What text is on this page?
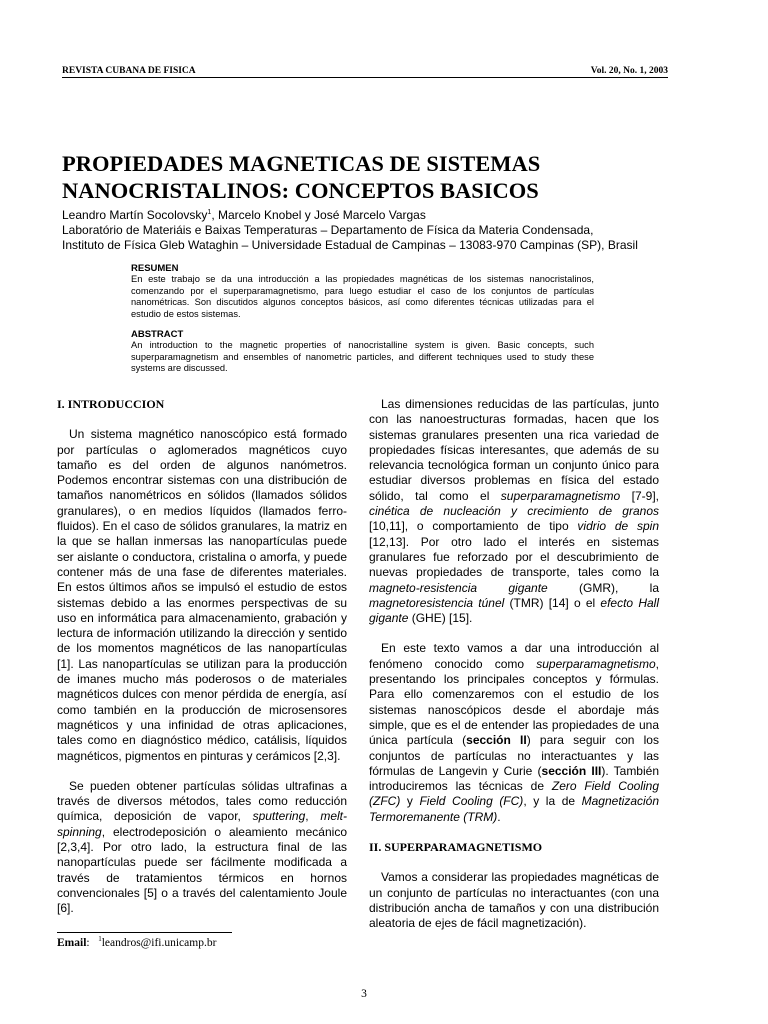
REVISTA CUBANA DE FISICA	Vol. 20, No. 1, 2003
PROPIEDADES MAGNETICAS DE SISTEMAS
NANOCRISTALINOS: CONCEPTOS BASICOS
Leandro Martín Socolovsky$^1$, Marcelo Knobel y José Marcelo Vargas
Laboratório de Materiáis e Baixas Temperaturas – Departamento de Física da Materia Condensada,
Instituto de Física Gleb Wataghin – Universidade Estadual de Campinas – 13083-970 Campinas (SP), Brasil
RESUMEN

En este trabajo se da una introducción a las propiedades magnéticas de los sistemas nanocristalinos, comenzando por el superparamagnetismo, para luego estudiar el caso de los conjuntos de partículas nanométricas. Son discutidos algunos conceptos básicos, así como diferentes técnicas utilizadas para el estudio de estos sistemas.

ABSTRACT

An introduction to the magnetic properties of nanocristalline system is given. Basic concepts, such superparamagnetism and ensembles of nanometric particles, and different techniques used to study these systems are discussed.

I. INTRODUCCION

Un sistema magnético nanoscópico está formado por partículas o aglomerados magnéticos cuyo tamaño es del orden de algunos nanómetros. Podemos encontrar sistemas con una distribución de tamaños nanométricos en sólidos (llamados sólidos granulares), o en medios líquidos (llamados ferro-fluidos). En el caso de sólidos granulares, la matriz en la que se hallan inmersas las nanopartículas puede ser aislante o conductora, cristalina o amorfa, y puede contener más de una fase de diferentes materiales. En estos últimos años se impulsó el estudio de estos sistemas debido a las enormes perspectivas de su uso en informática para almacenamiento, grabación y lectura de información utilizando la dirección y sentido de los momentos magnéticos de las nanopartículas [1]. Las nanopartículas se utilizan para la producción de imanes mucho más poderosos o de materiales magnéticos dulces con menor pérdida de energía, así como también en la producción de microsensores magnéticos y una infinidad de otras aplicaciones, tales como en diagnóstico médico, catálisis, líquidos magnéticos, pigmentos en pinturas y cerámicos [2,3].

Se pueden obtener partículas sólidas ultrafinas a través de diversos métodos, tales como reducción química, deposición de vapor, sputtering, melt-spinning, electrodeposición o aleamiento mecánico [2,3,4]. Por otro lado, la estructura final de las nanopartículas puede ser fácilmente modificada a través de tratamientos térmicos en hornos convencionales [5] o a través del calentamiento Joule [6].

Las dimensiones reducidas de las partículas, junto con las nanoestructuras formadas, hacen que los sistemas granulares presenten una rica variedad de propiedades físicas interesantes, que además de su relevancia tecnológica forman un conjunto único para estudiar diversos problemas en física del estado sólido, tal como el superparamagnetismo [7-9], cinética de nucleación y crecimiento de granos [10,11], o comportamiento de tipo vidrio de spin [12,13]. Por otro lado el interés en sistemas granulares fue reforzado por el descubrimiento de nuevas propiedades de transporte, tales como la magneto-resistencia gigante (GMR), la magnetoresistencia túnel (TMR) [14] o el efecto Hall gigante (GHE) [15].

En este texto vamos a dar una introducción al fenómeno conocido como superparamagnetismo, presentando los principales conceptos y fórmulas. Para ello comenzaremos con el estudio de los sistemas nanoscópicos desde el abordaje más simple, que es el de entender las propiedades de una única partícula (sección II) para seguir con los conjuntos de partículas no interactuantes y las fórmulas de Langevin y Curie (sección III). También introduciremos las técnicas de Zero Field Cooling (ZFC) y Field Cooling (FC), y la de Magnetización Termoremanente (TRM).

II. SUPERPARAMAGNETISMO

Vamos a considerar las propiedades magnéticas de un conjunto de partículas no interactuantes (con una distribución ancha de tamaños y con una distribución aleatoria de ejes de fácil magnetización).

Email: $^1$leandros@ifi.unicamp.br
3
